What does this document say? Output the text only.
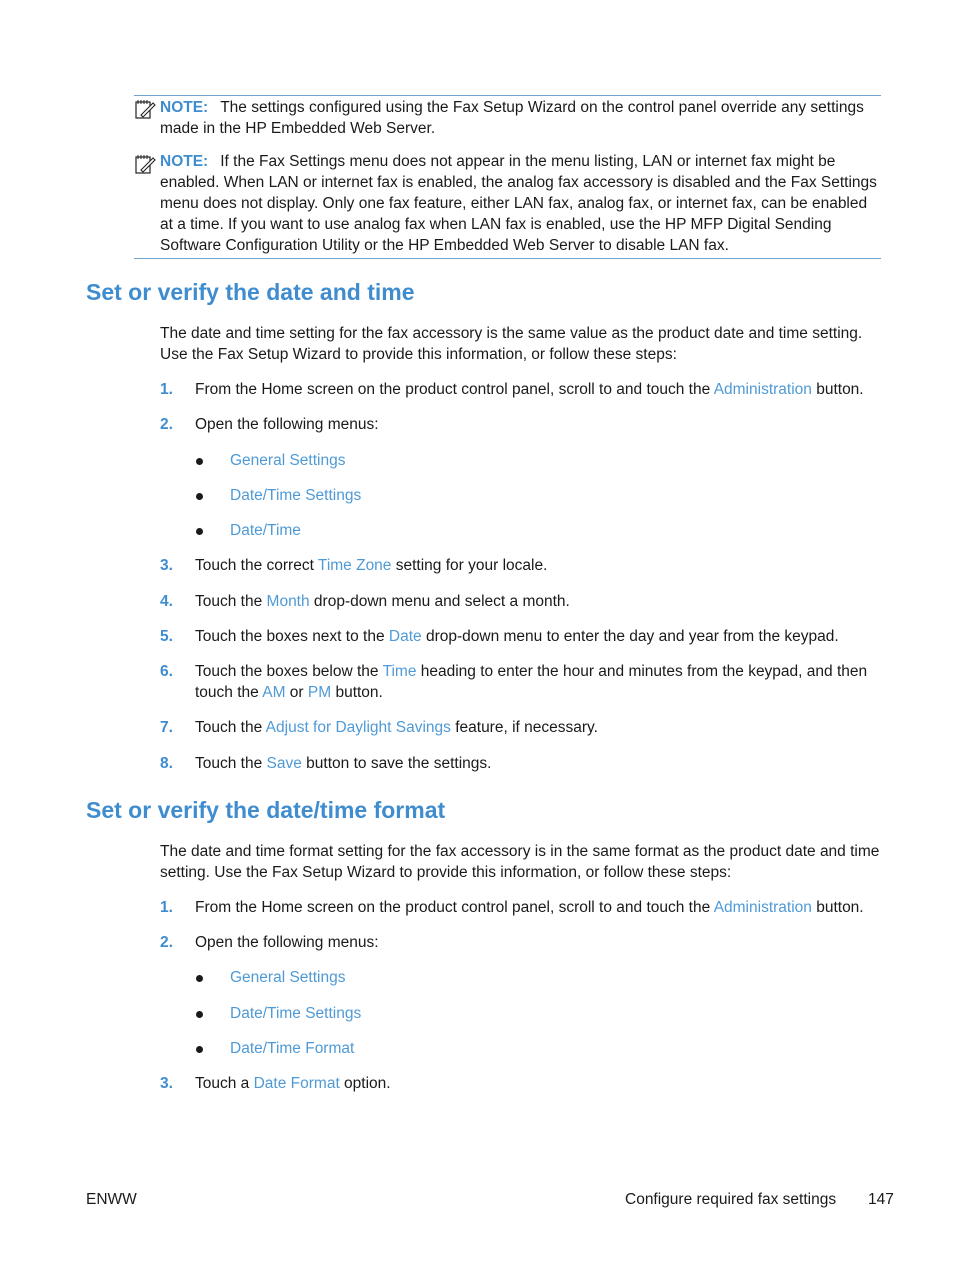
NOTE: The settings configured using the Fax Setup Wizard on the control panel override any settings made in the HP Embedded Web Server.
NOTE: If the Fax Settings menu does not appear in the menu listing, LAN or internet fax might be enabled. When LAN or internet fax is enabled, the analog fax accessory is disabled and the Fax Settings menu does not display. Only one fax feature, either LAN fax, analog fax, or internet fax, can be enabled at a time. If you want to use analog fax when LAN fax is enabled, use the HP MFP Digital Sending Software Configuration Utility or the HP Embedded Web Server to disable LAN fax.
Set or verify the date and time

The date and time setting for the fax accessory is the same value as the product date and time setting. Use the Fax Setup Wizard to provide this information, or follow these steps:

1. From the Home screen on the product control panel, scroll to and touch the Administration button.
2. Open the following menus:
General Settings
Date/Time Settings
Date/Time
3. Touch the correct Time Zone setting for your locale.
4. Touch the Month drop-down menu and select a month.
5. Touch the boxes next to the Date drop-down menu to enter the day and year from the keypad.
6. Touch the boxes below the Time heading to enter the hour and minutes from the keypad, and then touch the AM or PM button.
7. Touch the Adjust for Daylight Savings feature, if necessary.
8. Touch the Save button to save the settings.
Set or verify the date/time format

The date and time format setting for the fax accessory is in the same format as the product date and time setting. Use the Fax Setup Wizard to provide this information, or follow these steps:

1. From the Home screen on the product control panel, scroll to and touch the Administration button.
2. Open the following menus:
General Settings
Date/Time Settings
Date/Time Format
3. Touch a Date Format option.
ENWW	Configure required fax settings 147
